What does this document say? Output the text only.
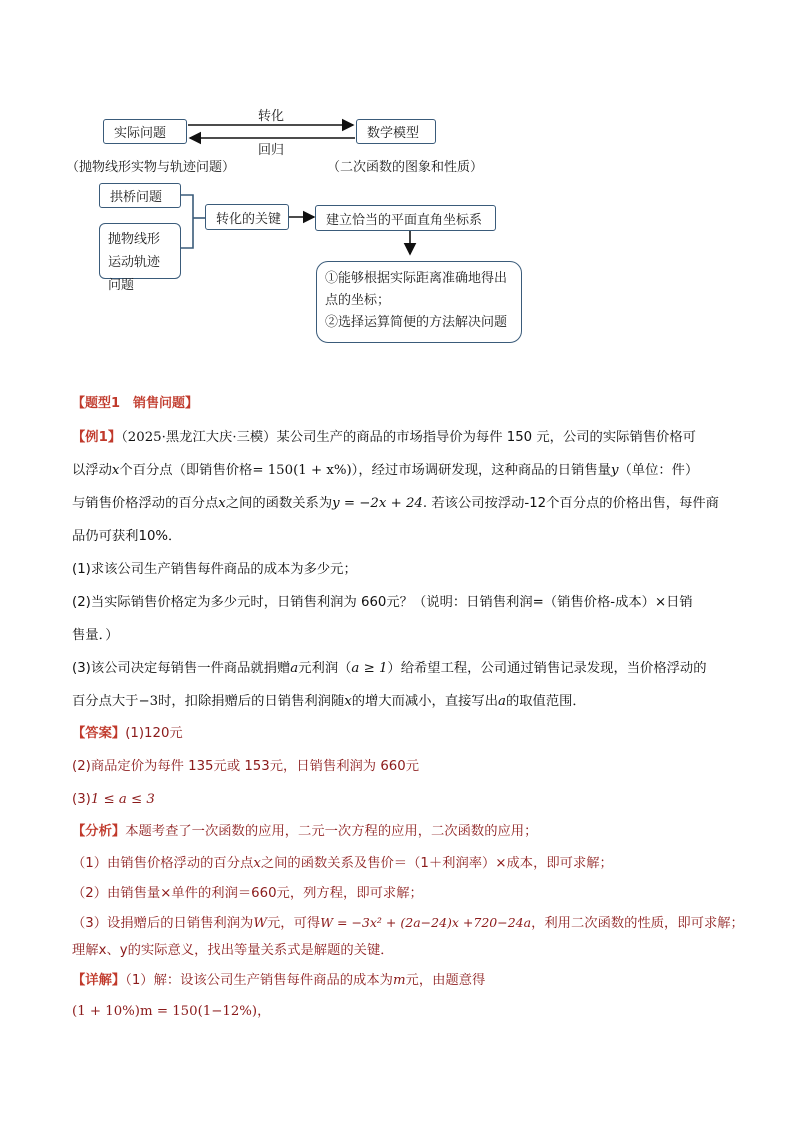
实际问题	数学模型
转化
回归
（抛物线形实物与轨迹问题）	（二次函数的图象和性质）
拱桥问题
抛物线形运动轨迹问题
转化的关键	建立恰当的平面直角坐标系
①能够根据实际距离准确地得出点的坐标；
②选择运算简便的方法解决问题
【题型1　销售问题】
【例1】（2025·黑龙江大庆·三模）某公司生产的商品的市场指导价为每件 150 元，公司的实际销售价格可
以浮动x个百分点（即销售价格= 150(1 + x%)），经过市场调研发现，这种商品的日销售量y（单位：件）
与销售价格浮动的百分点x之间的函数关系为y = −2x + 24. 若该公司按浮动-12个百分点的价格出售，每件商
品仍可获利10%．
(1)求该公司生产销售每件商品的成本为多少元；
(2)当实际销售价格定为多少元时，日销售利润为 660元？（说明：日销售利润=（销售价格-成本）×日销
售量．）
(3)该公司决定每销售一件商品就捐赠a元利润（a ≥ 1）给希望工程，公司通过销售记录发现，当价格浮动的
百分点大于−3时，扣除捐赠后的日销售利润随x的增大而减小，直接写出a的取值范围．
【答案】(1)120元
(2)商品定价为每件 135元或 153元，日销售利润为 660元
(3)1 ≤ a ≤ 3
【分析】本题考查了一次函数的应用，二元一次方程的应用，二次函数的应用；
（1）由销售价格浮动的百分点x之间的函数关系及售价＝（1＋利润率）×成本，即可求解；
（2）由销售量×单件的利润＝660元，列方程，即可求解；
（3）设捐赠后的日销售利润为W元，可得W = −3x² + (2a−24)x +720−24a，利用二次函数的性质，即可求解；
理解x、y的实际意义，找出等量关系式是解题的关键．
【详解】（1）解：设该公司生产销售每件商品的成本为m元，由题意得
(1 + 10%)m = 150(1−12%)，
